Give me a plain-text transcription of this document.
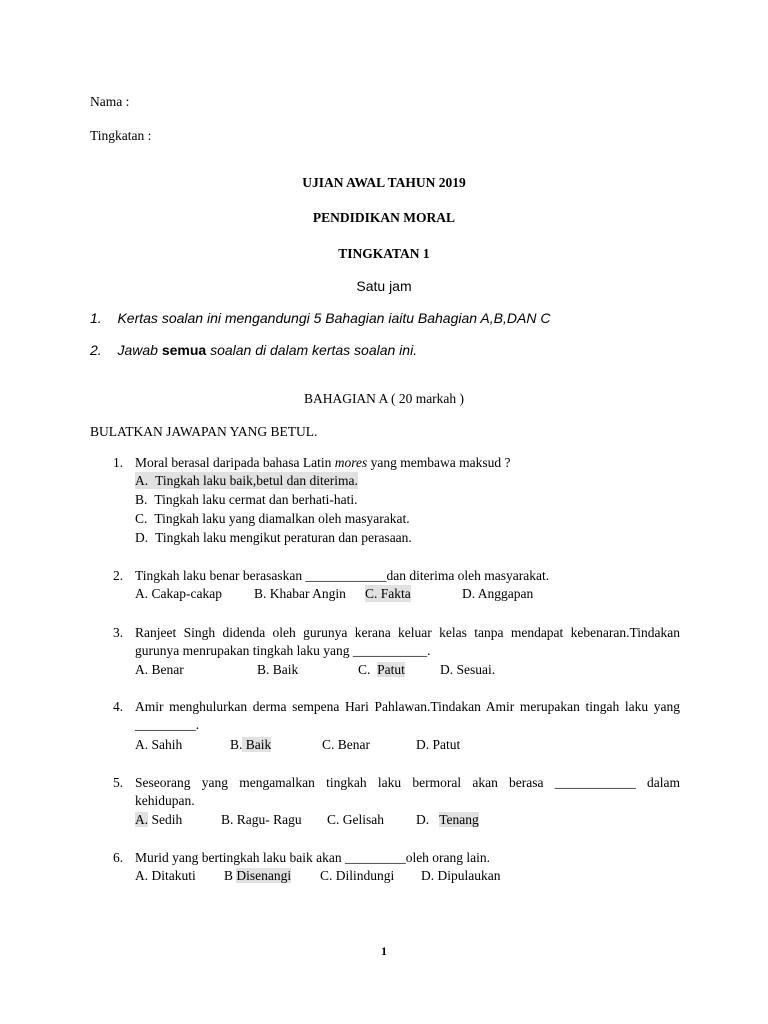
Nama :
Tingkatan :
UJIAN AWAL TAHUN 2019
PENDIDIKAN MORAL
TINGKATAN 1
Satu jam
1. Kertas soalan ini mengandungi 5 Bahagian iaitu Bahagian A,B,DAN C
2. Jawab semua soalan di dalam kertas soalan ini.
BAHAGIAN A ( 20 markah )
BULATKAN JAWAPAN YANG BETUL.
1. Moral berasal daripada bahasa Latin mores yang membawa maksud ?
A. Tingkah laku baik,betul dan diterima.
B. Tingkah laku cermat dan berhati-hati.
C. Tingkah laku yang diamalkan oleh masyarakat.
D. Tingkah laku mengikut peraturan dan perasaan.
2. Tingkah laku benar berasaskan ____________dan diterima oleh masyarakat.
A. Cakap-cakap B. Khabar Angin C. Fakta	D. Anggapan
3. Ranjeet Singh didenda oleh gurunya kerana keluar kelas tanpa mendapat kebenaran.Tindakan
gurunya menrupakan tingkah laku yang ___________.
A. Benar	B. Baik	C. Patut	D. Sesuai.
4. Amir menghulurkan derma sempena Hari Pahlawan.Tindakan Amir merupakan tingah laku yang
_________.
A. Sahih	B. Baik	C. Benar	D. Patut
5. Seseorang yang mengamalkan tingkah laku bermoral akan berasa ____________ dalam
kehidupan.
A. Sedih	B. Ragu- Ragu C. Gelisah D. Tenang
6. Murid yang bertingkah laku baik akan _________oleh orang lain.
A. Ditakuti B Disenangi C. Dilindungi D. Dipulaukan
1
